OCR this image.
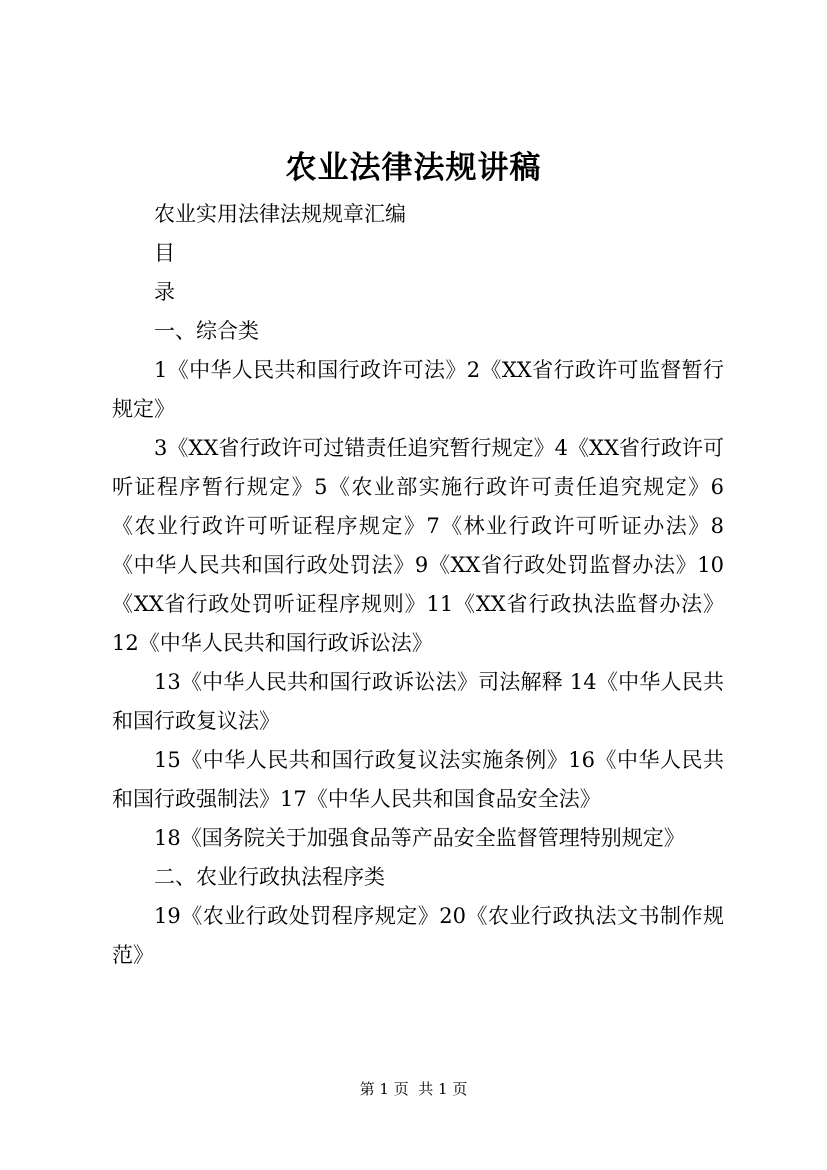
农业法律法规讲稿

农业实用法律法规规章汇编

目

录

一、综合类

1《中华人民共和国行政许可法》2《XX省行政许可监督暂行规定》

3《XX省行政许可过错责任追究暂行规定》4《XX省行政许可听证程序暂行规定》5《农业部实施行政许可责任追究规定》6《农业行政许可听证程序规定》7《林业行政许可听证办法》8《中华人民共和国行政处罚法》9《XX省行政处罚监督办法》10《XX省行政处罚听证程序规则》11《XX省行政执法监督办法》12《中华人民共和国行政诉讼法》

13《中华人民共和国行政诉讼法》司法解释 14《中华人民共和国行政复议法》

15《中华人民共和国行政复议法实施条例》16《中华人民共和国行政强制法》17《中华人民共和国食品安全法》

18《国务院关于加强食品等产品安全监督管理特别规定》

二、农业行政执法程序类

19《农业行政处罚程序规定》20《农业行政执法文书制作规范》

第 1 页  共 1 页
